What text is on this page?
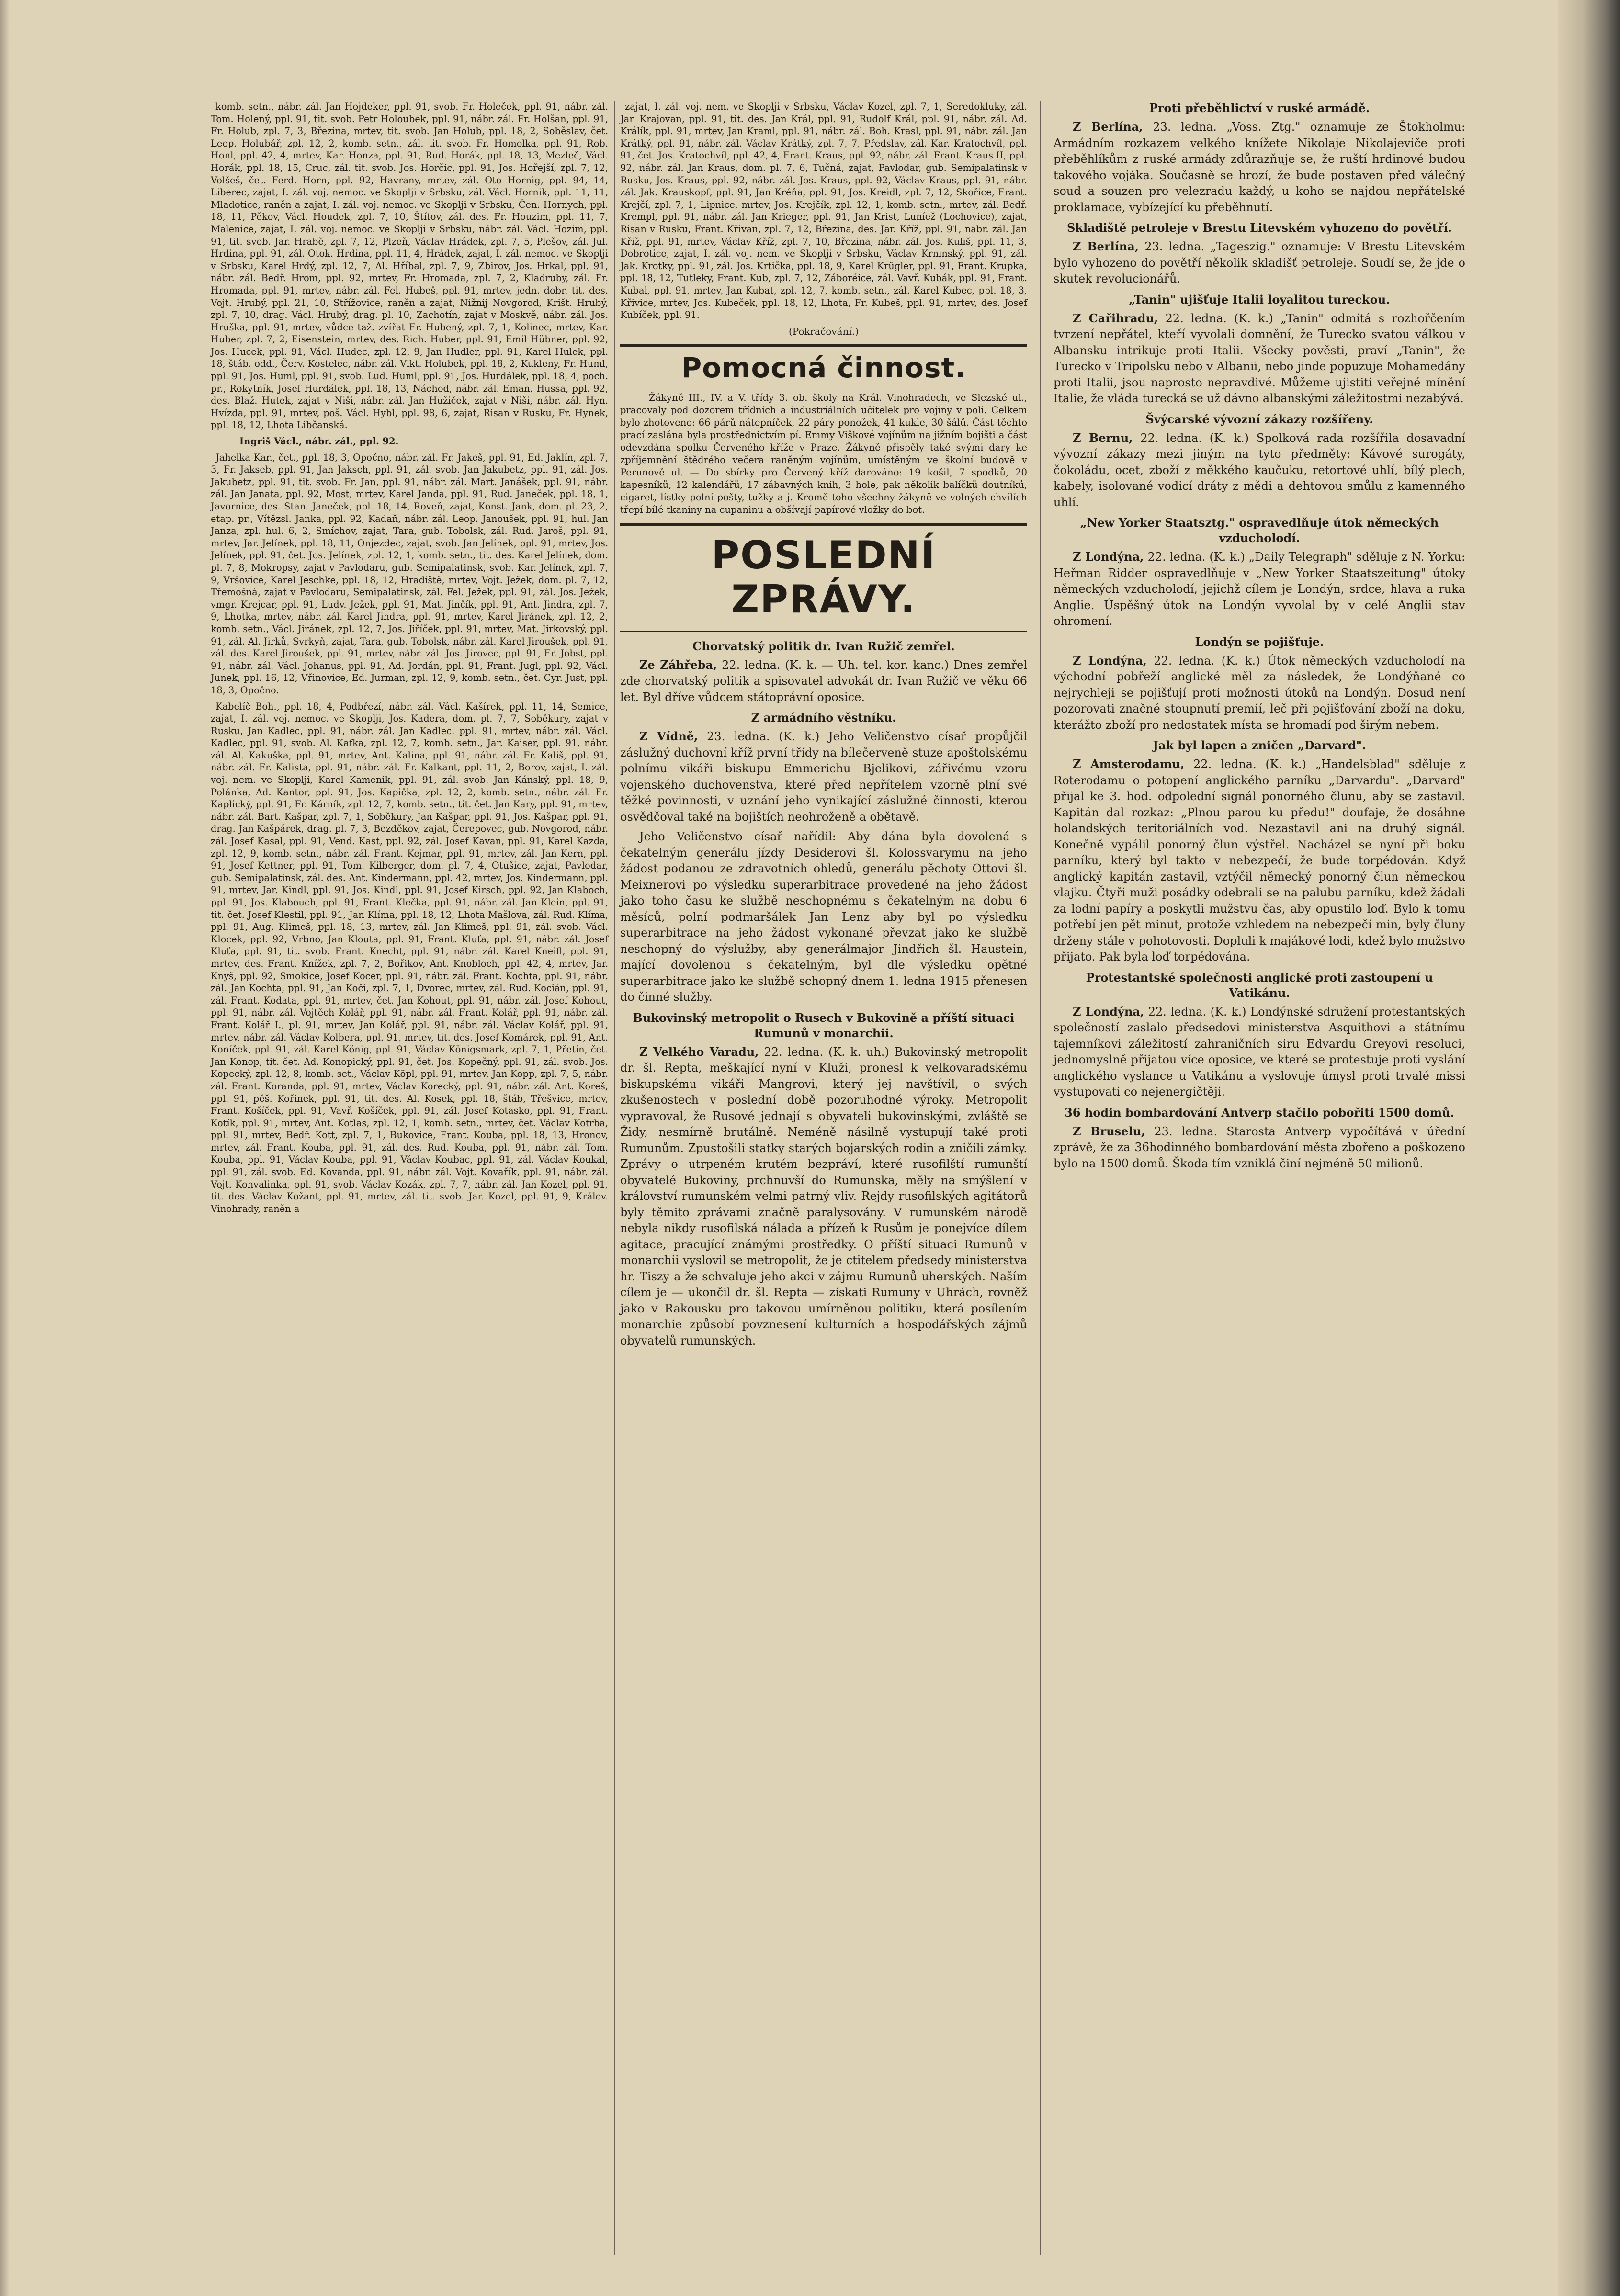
komb. setn., nábr. zál. Jan Hojdeker, ppl. 91, svob. Fr. Holeček, ppl. 91, nábr. zál. Tom. Holený, ppl. 91, tit. svob. Petr Holoubek, ppl. 91, nábr. zál. Fr. Holšan, ppl. 91, Fr. Holub, zpl. 7, 3, Březina, mrtev, tit. svob. Jan Holub, ppl. 18, 2, Soběslav, čet. Leop. Holubář, zpl. 12, 2, komb. setn., zál. tit. svob. Fr. Homolka, ppl. 91, Rob. Honl, ppl. 42, 4, mrtev, Kar. Honza, ppl. 91, Rud. Horák, ppl. 18, 13, Mezleč, Václ. Horák, ppl. 18, 15, Cruc, zál. tit. svob. Jos. Horčic, ppl. 91, Jos. Hořejší, zpl. 7, 12, Volšeš, čet. Ferd. Horn, ppl. 92, Havrany, mrtev, zál. Oto Hornig, ppl. 94, 14, Liberec, zajat, I. zál. voj. nemoc. ve Skoplji v Srbsku, zál. Václ. Hornik, ppl. 11, 11, Mladotice, raněn a zajat, I. zál. voj. nemoc. ve Skoplji v Srbsku, Čen. Hornych, ppl. 18, 11, Pěkov, Václ. Houdek, zpl. 7, 10, Štítov, zál. des. Fr. Houzim, ppl. 11, 7, Malenice, zajat, I. zál. voj. nemoc. ve Skoplji v Srbsku, nábr. zál. Václ. Hozim, ppl. 91, tit. svob. Jar. Hrabě, zpl. 7, 12, Plzeň, Václav Hrádek, zpl. 7, 5, Plešov, zál. Jul. Hrdina, ppl. 91, zál. Otok. Hrdina, ppl. 11, 4, Hrádek, zajat, I. zál. nemoc. ve Skoplji v Srbsku, Karel Hrdý, zpl. 12, 7, Al. Hříbal, zpl. 7, 9, Zbirov, Jos. Hrkal, ppl. 91, nábr. zál. Bedř. Hrom, ppl. 92, mrtev, Fr. Hromada, zpl. 7, 2, Kladruby, zál. Fr. Hromada, ppl. 91, mrtev, nábr. zál. Fel. Hubeš, ppl. 91, mrtev, jedn. dobr. tit. des. Vojt. Hrubý, ppl. 21, 10, Střížovice, raněn a zajat, Nižnij Novgorod, Krišt. Hrubý, zpl. 7, 10, drag. Václ. Hrubý, drag. pl. 10, Zachotín, zajat v Moskvě, nábr. zál. Jos. Hruška, ppl. 91, mrtev, vůdce taž. zvířat Fr. Hubený, zpl. 7, 1, Kolinec, mrtev, Kar. Huber, zpl. 7, 2, Eisenstein, mrtev, des. Rich. Huber, ppl. 91, Emil Hübner, ppl. 92, Jos. Hucek, ppl. 91, Václ. Hudec, zpl. 12, 9, Jan Hudler, ppl. 91, Karel Hulek, ppl. 18, štáb. odd., Červ. Kostelec, nábr. zál. Vikt. Holubek, ppl. 18, 2, Kukleny, Fr. Huml, ppl. 91, Jos. Huml, ppl. 91, svob. Lud. Huml, ppl. 91, Jos. Hurdálek, ppl. 18, 4, poch. pr., Rokytník, Josef Hurdálek, ppl. 18, 13, Náchod, nábr. zál. Eman. Hussa, ppl. 92, des. Blaž. Hutek, zajat v Niši, nábr. zál. Jan Hužiček, zajat v Niši, nábr. zál. Hyn. Hvízda, ppl. 91, mrtev, poš. Václ. Hybl, ppl. 98, 6, zajat, Risan v Rusku, Fr. Hynek, ppl. 18, 12, Lhota Libčanská.

Ingriš Václ., nábr. zál., ppl. 92.

Jahelka Kar., čet., ppl. 18, 3, Opočno, nábr. zál. Fr. Jakeš, ppl. 91, Ed. Jaklín, zpl. 7, 3, Fr. Jakseb, ppl. 91, Jan Jaksch, ppl. 91, zál. svob. Jan Jakubetz, ppl. 91, zál. Jos. Jakubetz, ppl. 91, tit. svob. Fr. Jan, ppl. 91, nábr. zál. Mart. Janášek, ppl. 91, nábr. zál. Jan Janata, ppl. 92, Most, mrtev, Karel Janda, ppl. 91, Rud. Janeček, ppl. 18, 1, Javornice, des. Stan. Janeček, ppl. 18, 14, Roveň, zajat, Konst. Jank, dom. pl. 23, 2, etap. pr., Vítězsl. Janka, ppl. 92, Kadaň, nábr. zál. Leop. Janoušek, ppl. 91, hul. Jan Janza, zpl. hul. 6, 2, Smíchov, zajat, Tara, gub. Tobolsk, zál. Rud. Jaroš, ppl. 91, mrtev, Jar. Jelínek, ppl. 18, 11, Onjezdec, zajat, svob. Jan Jelínek, ppl. 91, mrtev, Jos. Jelínek, ppl. 91, čet. Jos. Jelínek, zpl. 12, 1, komb. setn., tit. des. Karel Jelínek, dom. pl. 7, 8, Mokropsy, zajat v Pavlodaru, gub. Semipalatinsk, svob. Kar. Jelínek, zpl. 7, 9, Vršovice, Karel Jeschke, ppl. 18, 12, Hradiště, mrtev, Vojt. Ježek, dom. pl. 7, 12, Třemošná, zajat v Pavlodaru, Semipalatinsk, zál. Fel. Ježek, ppl. 91, zál. Jos. Ježek, vmgr. Krejcar, ppl. 91, Ludv. Ježek, ppl. 91, Mat. Jinčík, ppl. 91, Ant. Jindra, zpl. 7, 9, Lhotka, mrtev, nábr. zál. Karel Jindra, ppl. 91, mrtev, Karel Jiránek, zpl. 12, 2, komb. setn., Václ. Jiránek, zpl. 12, 7, Jos. Jiříček, ppl. 91, mrtev, Mat. Jirkovský, ppl. 91, zál. Al. Jirků, Svrkyň, zajat, Tara, gub. Tobolsk, nábr. zál. Karel Jiroušek, ppl. 91, zál. des. Karel Jiroušek, ppl. 91, mrtev, nábr. zál. Jos. Jirovec, ppl. 91, Fr. Jobst, ppl. 91, nábr. zál. Václ. Johanus, ppl. 91, Ad. Jordán, ppl. 91, Frant. Jugl, ppl. 92, Václ. Junek, ppl. 16, 12, Vřinovice, Ed. Jurman, zpl. 12, 9, komb. setn., čet. Cyr. Just, ppl. 18, 3, Opočno.

Kabelíč Boh., ppl. 18, 4, Podbřezí, nábr. zál. Václ. Kašírek, ppl. 11, 14, Semice, zajat, I. zál. voj. nemoc. ve Skoplji, Jos. Kadera, dom. pl. 7, 7, Soběkury, zajat v Rusku, Jan Kadlec, ppl. 91, nábr. zál. Jan Kadlec, ppl. 91, mrtev, nábr. zál. Václ. Kadlec, ppl. 91, svob. Al. Kafka, zpl. 12, 7, komb. setn., Jar. Kaiser, ppl. 91, nábr. zál. Al. Kakuška, ppl. 91, mrtev, Ant. Kalina, ppl. 91, nábr. zál. Fr. Kališ, ppl. 91, nábr. zál. Fr. Kalista, ppl. 91, nábr. zál. Fr. Kalkant, ppl. 11, 2, Borov, zajat, I. zál. voj. nem. ve Skoplji, Karel Kamenik, ppl. 91, zál. svob. Jan Kánský, ppl. 18, 9, Polánka, Ad. Kantor, ppl. 91, Jos. Kapička, zpl. 12, 2, komb. setn., nábr. zál. Fr. Kaplický, ppl. 91, Fr. Kárník, zpl. 12, 7, komb. setn., tit. čet. Jan Kary, ppl. 91, mrtev, nábr. zál. Bart. Kašpar, zpl. 7, 1, Soběkury, Jan Kašpar, ppl. 91, Jos. Kašpar, ppl. 91, drag. Jan Kašpárek, drag. pl. 7, 3, Bezděkov, zajat, Čerepovec, gub. Novgorod, nábr. zál. Josef Kasal, ppl. 91, Vend. Kast, ppl. 92, zál. Josef Kavan, ppl. 91, Karel Kazda, zpl. 12, 9, komb. setn., nábr. zál. Frant. Kejmar, ppl. 91, mrtev, zál. Jan Kern, ppl. 91, Josef Kettner, ppl. 91, Tom. Kilberger, dom. pl. 7, 4, Otušice, zajat, Pavlodar, gub. Semipalatinsk, zál. des. Ant. Kindermann, ppl. 42, mrtev, Jos. Kindermann, ppl. 91, mrtev, Jar. Kindl, ppl. 91, Jos. Kindl, ppl. 91, Josef Kirsch, ppl. 92, Jan Klaboch, ppl. 91, Jos. Klabouch, ppl. 91, Frant. Klečka, ppl. 91, nábr. zál. Jan Klein, ppl. 91, tit. čet. Josef Klestil, ppl. 91, Jan Klíma, ppl. 18, 12, Lhota Mašlova, zál. Rud. Klíma, ppl. 91, Aug. Klimeš, ppl. 18, 13, mrtev, zál. Jan Klimeš, ppl. 91, zál. svob. Václ. Klocek, ppl. 92, Vrbno, Jan Klouta, ppl. 91, Frant. Kluťa, ppl. 91, nábr. zál. Josef Kluťa, ppl. 91, tit. svob. Frant. Knecht, ppl. 91, nábr. zál. Karel Kneifl, ppl. 91, mrtev, des. Frant. Knížek, zpl. 7, 2, Bořikov, Ant. Knobloch, ppl. 42, 4, mrtev, Jar. Knyš, ppl. 92, Smokice, Josef Kocer, ppl. 91, nábr. zál. Frant. Kochta, ppl. 91, nábr. zál. Jan Kochta, ppl. 91, Jan Kočí, zpl. 7, 1, Dvorec, mrtev, zál. Rud. Kocián, ppl. 91, zál. Frant. Kodata, ppl. 91, mrtev, čet. Jan Kohout, ppl. 91, nábr. zál. Josef Kohout, ppl. 91, nábr. zál. Vojtěch Kolář, ppl. 91, nábr. zál. Frant. Kolář, ppl. 91, nábr. zál. Frant. Kolář I., pl. 91, mrtev, Jan Kolář, ppl. 91, nábr. zál. Václav Kolář, ppl. 91, mrtev, nábr. zál. Václav Kolbera, ppl. 91, mrtev, tit. des. Josef Komárek, ppl. 91, Ant. Koníček, ppl. 91, zál. Karel König, ppl. 91, Václav Königsmark, zpl. 7, 1, Přetín, čet. Jan Konop, tit. čet. Ad. Konopický, ppl. 91, čet. Jos. Kopečný, ppl. 91, zál. svob. Jos. Kopecký, zpl. 12, 8, komb. set., Václav Köpl, ppl. 91, mrtev, Jan Kopp, zpl. 7, 5, nábr. zál. Frant. Koranda, ppl. 91, mrtev, Václav Korecký, ppl. 91, nábr. zál. Ant. Koreš, ppl. 91, pěš. Kořinek, ppl. 91, tit. des. Al. Kosek, ppl. 18, štáb, Třešvice, mrtev, Frant. Košíček, ppl. 91, Vavř. Košíček, ppl. 91, zál. Josef Kotasko, ppl. 91, Frant. Kotík, ppl. 91, mrtev, Ant. Kotlas, zpl. 12, 1, komb. setn., mrtev, čet. Václav Kotrba, ppl. 91, mrtev, Bedř. Kott, zpl. 7, 1, Bukovice, Frant. Kouba, ppl. 18, 13, Hronov, mrtev, zál. Frant. Kouba, ppl. 91, zál. des. Rud. Kouba, ppl. 91, nábr. zál. Tom. Kouba, ppl. 91, Václav Kouba, ppl. 91, Václav Koubac, ppl. 91, zál. Václav Koukal, ppl. 91, zál. svob. Ed. Kovanda, ppl. 91, nábr. zál. Vojt. Kovařík, ppl. 91, nábr. zál. Vojt. Konvalinka, ppl. 91, svob. Václav Kozák, zpl. 7, 7, nábr. zál. Jan Kozel, ppl. 91, tit. des. Václav Kožant, ppl. 91, mrtev, zál. tit. svob. Jar. Kozel, ppl. 91, 9, Králov. Vinohrady, raněn a

zajat, I. zál. voj. nem. ve Skoplji v Srbsku, Václav Kozel, zpl. 7, 1, Seredokluky, zál. Jan Krajovan, ppl. 91, tit. des. Jan Král, ppl. 91, Rudolf Král, ppl. 91, nábr. zál. Ad. Králík, ppl. 91, mrtev, Jan Kraml, ppl. 91, nábr. zál. Boh. Krasl, ppl. 91, nábr. zál. Jan Krátký, ppl. 91, nábr. zál. Václav Krátký, zpl. 7, 7, Předslav, zál. Kar. Kratochvíl, ppl. 91, čet. Jos. Kratochvíl, ppl. 42, 4, Frant. Kraus, ppl. 92, nábr. zál. Frant. Kraus II, ppl. 92, nábr. zál. Jan Kraus, dom. pl. 7, 6, Tučná, zajat, Pavlodar, gub. Semipalatinsk v Rusku, Jos. Kraus, ppl. 92, nábr. zál. Jos. Kraus, ppl. 92, Václav Kraus, ppl. 91, nábr. zál. Jak. Krauskopf, ppl. 91, Jan Kréňa, ppl. 91, Jos. Kreidl, zpl. 7, 12, Skořice, Frant. Krejčí, zpl. 7, 1, Lipnice, mrtev, Jos. Krejčík, zpl. 12, 1, komb. setn., mrtev, zál. Bedř. Krempl, ppl. 91, nábr. zál. Jan Krieger, ppl. 91, Jan Krist, Luníež (Lochovice), zajat, Risan v Rusku, Frant. Křivan, zpl. 7, 12, Březina, des. Jar. Kříž, ppl. 91, nábr. zál. Jan Kříž, ppl. 91, mrtev, Václav Kříž, zpl. 7, 10, Březina, nábr. zál. Jos. Kuliš, ppl. 11, 3, Dobrotice, zajat, I. zál. voj. nem. ve Skoplji v Srbsku, Václav Krninský, ppl. 91, zál. Jak. Krotky, ppl. 91, zál. Jos. Krtička, ppl. 18, 9, Karel Krügler, ppl. 91, Frant. Krupka, ppl. 18, 12, Tutleky, Frant. Kub, zpl. 7, 12, Záboréice, zál. Vavř. Kubák, ppl. 91, Frant. Kubal, ppl. 91, mrtev, Jan Kubat, zpl. 12, 7, komb. setn., zál. Karel Kubec, ppl. 18, 3, Křivice, mrtev, Jos. Kubeček, ppl. 18, 12, Lhota, Fr. Kubeš, ppl. 91, mrtev, des. Josef Kubíček, ppl. 91.

(Pokračování.)
Pomocná činnost.

Žákyně III., IV. a V. třídy 3. ob. školy na Král. Vinohradech, ve Slezské ul., pracovaly pod dozorem třídních a industriálních učitelek pro vojíny v poli. Celkem bylo zhotoveno: 66 párů nátepníček, 22 páry ponožek, 41 kukle, 30 šálů. Část těchto prací zaslána byla prostřednictvím pí. Emmy Viškové vojínům na jižním bojišti a část odevzdána spolku Červeného kříže v Praze. Žákyně přispěly také svými dary ke zpříjemnění štědrého večera raněným vojínům, umístěným ve školní budově v Perunově ul. — Do sbírky pro Červený kříž darováno: 19 košil, 7 spodků, 20 kapesníků, 12 kalendářů, 17 zábavných knih, 3 hole, pak několik balíčků doutníků, cigaret, lístky polní pošty, tužky a j. Kromě toho všechny žákyně ve volných chvílích třepí bílé tkaniny na cupaninu a obšívají papírové vložky do bot.

POSLEDNÍ ZPRÁVY.
Chorvatský politik dr. Ivan Ružič zemřel.

Ze Záhřeba, 22. ledna. (K. k. — Uh. tel. kor. kanc.) Dnes zemřel zde chorvatský politik a spisovatel advokát dr. Ivan Ružič ve věku 66 let. Byl dříve vůdcem státoprávní oposice.

Z armádního věstníku.

Z Vídně, 23. ledna. (K. k.) Jeho Veličenstvo císař propůjčil záslužný duchovní kříž první třídy na bílečerveně stuze apoštolskému polnímu vikáři biskupu Emmerichu Bjelikovi, zářivému vzoru vojenského duchovenstva, které před nepřítelem vzorně plní své těžké povinnosti, v uznání jeho vynikající záslužné činnosti, kterou osvědčoval také na bojištích neohroženě a obětavě.

Jeho Veličenstvo císař nařídil: Aby dána byla dovolená s čekatelným generálu jízdy Desiderovi šl. Kolossvarymu na jeho žádost podanou ze zdravotních ohledů, generálu pěchoty Ottovi šl. Meixnerovi po výsledku superarbitrace provedené na jeho žádost jako toho času ke službě neschopnému s čekatelným na dobu 6 měsíců, polní podmaršálek Jan Lenz aby byl po výsledku superarbitrace na jeho žádost vykonané převzat jako ke službě neschopný do výslužby, aby generálmajor Jindřich šl. Haustein, mající dovolenou s čekatelným, byl dle výsledku opětné superarbitrace jako ke službě schopný dnem 1. ledna 1915 přenesen do činné služby.

Bukovinský metropolit o Rusech v Bukovině a příští situaci Rumunů v monarchii.

Z Velkého Varadu, 22. ledna. (K. k. uh.) Bukovinský metropolit dr. šl. Repta, meškající nyní v Kluži, pronesl k velkovaradskému biskupskému vikáři Mangrovi, který jej navštívil, o svých zkušenostech v poslední době pozoruhodné výroky. Metropolit vypravoval, že Rusové jednají s obyvateli bukovinskými, zvláště se Židy, nesmírně brutálně. Neméně násilně vystupují také proti Rumunům. Zpustošili statky starých bojarských rodin a zničili zámky. Zprávy o utrpeném krutém bezpráví, které rusofilští rumunští obyvatelé Bukoviny, prchnuvší do Rumunska, měly na smýšlení v království rumunském velmi patrný vliv. Rejdy rusofilských agitátorů byly těmito zprávami značně paralysovány. V rumunském národě nebyla nikdy rusofilská nálada a přízeň k Rusům je ponejvíce dílem agitace, pracující známými prostředky. O příští situaci Rumunů v monarchii vyslovil se metropolit, že je ctitelem předsedy ministerstva hr. Tiszy a že schvaluje jeho akci v zájmu Rumunů uherských. Naším cílem je — ukončil dr. šl. Repta — získati Rumuny v Uhrách, rovněž jako v Rakousku pro takovou umírněnou politiku, která posílením monarchie způsobí povznesení kulturních a hospodářských zájmů obyvatelů rumunských.

Proti přeběhlictví v ruské armádě.

Z Berlína, 23. ledna. „Voss. Ztg." oznamuje ze Štokholmu: Armádním rozkazem velkého knížete Nikolaje Nikolajeviče proti přeběhlíkům z ruské armády zdůrazňuje se, že ruští hrdinové budou takového vojáka. Současně se hrozí, že bude postaven před válečný soud a souzen pro velezradu každý, u koho se najdou nepřátelské proklamace, vybízející ku přeběhnutí.

Skladiště petroleje v Brestu Litevském vyhozeno do povětří.

Z Berlína, 23. ledna. „Tageszig." oznamuje: V Brestu Litevském bylo vyhozeno do povětří několik skladišť petroleje. Soudí se, že jde o skutek revolucionářů.

„Tanin" ujišťuje Italii loyalitou tureckou.

Z Cařihradu, 22. ledna. (K. k.) „Tanin" odmítá s rozhořčením tvrzení nepřátel, kteří vyvolali domnění, že Turecko svatou válkou v Albansku intrikuje proti Italii. Všecky pověsti, praví „Tanin", že Turecko v Tripolsku nebo v Albanii, nebo jinde popuzuje Mohamedány proti Italii, jsou naprosto nepravdivé. Můžeme ujistiti veřejné mínění Italie, že vláda turecká se už dávno albanskými záležitostmi nezabývá.

Švýcarské vývozní zákazy rozšířeny.

Z Bernu, 22. ledna. (K. k.) Spolková rada rozšířila dosavadní vývozní zákazy mezi jiným na tyto předměty: Kávové surogáty, čokoládu, ocet, zboží z měkkého kaučuku, retortové uhlí, bílý plech, kabely, isolované vodicí dráty z mědi a dehtovou smůlu z kamenného uhlí.

„New Yorker Staatsztg." ospravedlňuje útok německých vzducholodí.

Z Londýna, 22. ledna. (K. k.) „Daily Telegraph" sděluje z N. Yorku: Heřman Ridder ospravedlňuje v „New Yorker Staatszeitung" útoky německých vzducholodí, jejichž cílem je Londýn, srdce, hlava a ruka Anglie. Úspěšný útok na Londýn vyvolal by v celé Anglii stav ohromení.

Londýn se pojišťuje.

Z Londýna, 22. ledna. (K. k.) Útok německých vzducholodí na východní pobřeží anglické měl za následek, že Londýňané co nejrychleji se pojišťují proti možnosti útoků na Londýn. Dosud není pozorovati značné stoupnutí premií, leč při pojišťování zboží na doku, kterážto zboží pro nedostatek místa se hromadí pod širým nebem.

Jak byl lapen a zničen „Darvard".

Z Amsterodamu, 22. ledna. (K. k.) „Handelsblad" sděluje z Roterodamu o potopení anglického parníku „Darvardu". „Darvard" přijal ke 3. hod. odpolední signál ponorného člunu, aby se zastavil. Kapitán dal rozkaz: „Plnou parou ku předu!" doufaje, že dosáhne holandských teritoriálních vod. Nezastavil ani na druhý signál. Konečně vypálil ponorný člun výstřel. Nacházel se nyní při boku parníku, který byl takto v nebezpečí, že bude torpédován. Když anglický kapitán zastavil, vztýčil německý ponorný člun německou vlajku. Čtyři muži posádky odebrali se na palubu parníku, kdež žádali za lodní papíry a poskytli mužstvu čas, aby opustilo loď. Bylo k tomu potřebí jen pět minut, protože vzhledem na nebezpečí min, byly čluny drženy stále v pohotovosti. Dopluli k majákové lodi, kdež bylo mužstvo přijato. Pak byla loď torpédována.

Protestantské společnosti anglické proti zastoupení u Vatikánu.

Z Londýna, 22. ledna. (K. k.) Londýnské sdružení protestantských společností zaslalo předsedovi ministerstva Asquithovi a státnímu tajemníkovi záležitostí zahraničních siru Edvardu Greyovi resoluci, jednomyslně přijatou více oposice, ve které se protestuje proti vyslání anglického vyslance u Vatikánu a vyslovuje úmysl proti trvalé missi vystupovati co nejenergičtěji.

36 hodin bombardování Antverp stačilo pobořiti 1500 domů.

Z Bruselu, 23. ledna. Starosta Antverp vypočítává v úřední zprávě, že za 36hodinného bombardování města zbořeno a poškozeno bylo na 1500 domů. Škoda tím vzniklá činí nejméně 50 milionů.
